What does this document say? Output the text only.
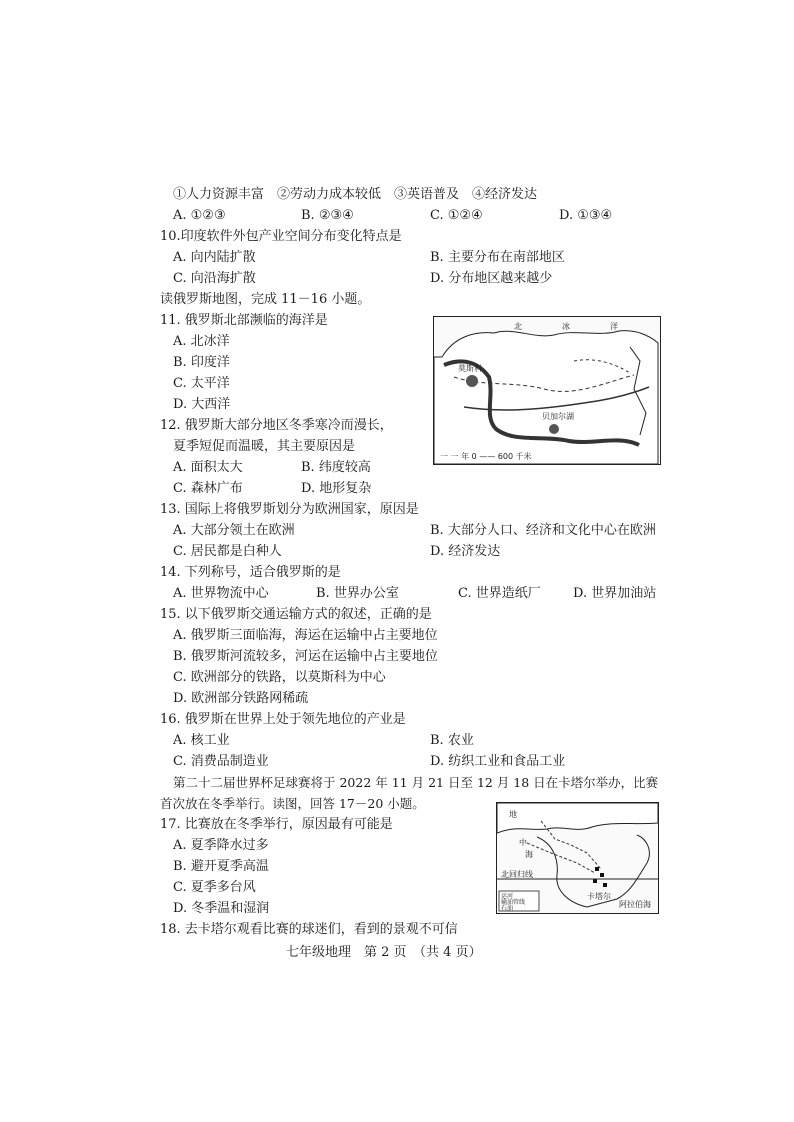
①人力资源丰富　②劳动力成本较低　③英语普及　④经济发达
A. ①②③	B. ②③④	C. ①②④	D. ①③④
10.印度软件外包产业空间分布变化特点是
A. 向内陆扩散	B. 主要分布在南部地区
C. 向沿海扩散	D. 分布地区越来越少
读俄罗斯地图，完成 11－16 小题。
11. 俄罗斯北部濒临的海洋是
A. 北冰洋
B. 印度洋
C. 太平洋
D. 大西洋
北	冰	洋
莫斯科
贝加尔湖
一 一 年 0 —— 600 千米
12. 俄罗斯大部分地区冬季寒冷而漫长，
夏季短促而温暖，其主要原因是
A. 面积太大	B. 纬度较高
C. 森林广布	D. 地形复杂
13. 国际上将俄罗斯划分为欧洲国家，原因是
A. 大部分领土在欧洲	B. 大部分人口、经济和文化中心在欧洲
C. 居民都是白种人	D. 经济发达
14. 下列称号，适合俄罗斯的是
A. 世界物流中心	B. 世界办公室	C. 世界造纸厂 D. 世界加油站
15. 以下俄罗斯交通运输方式的叙述，正确的是
A. 俄罗斯三面临海，海运在运输中占主要地位
B. 俄罗斯河流较多，河运在运输中占主要地位
C. 欧洲部分的铁路，以莫斯科为中心
D. 欧洲部分铁路网稀疏
16. 俄罗斯在世界上处于领先地位的产业是
A. 核工业	B. 农业
C. 消费品制造业	D. 纺织工业和食品工业
第二十二届世界杯足球赛将于 2022 年 11 月 21 日至 12 月 18 日在卡塔尔举办，比赛
首次放在冬季举行。读图，回答 17－20 小题。
地
中
海
北回归线
卡塔尔
阿拉伯海
运河
输油管线
石油
17. 比赛放在冬季举行，原因最有可能是
A. 夏季降水过多
B. 避开夏季高温
C. 夏季多台风
D. 冬季温和湿润
18. 去卡塔尔观看比赛的球迷们，看到的景观不可信
七年级地理　第 2 页　（共 4 页）
